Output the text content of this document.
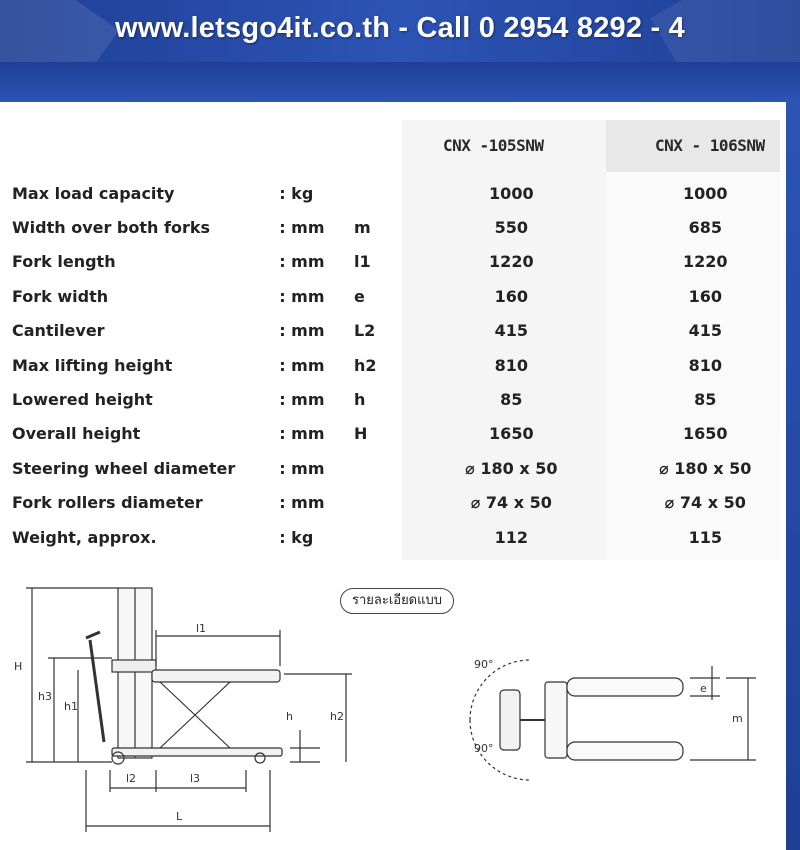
www.letsgo4it.co.th - Call 0 2954 8292 - 4
CNX -105SNW	CNX - 106SNW
Max load capacity	: kg		1000	1000
Width over both forks	: mm	m	550	685
Fork length	: mm	l1	1220	1220
Fork width	: mm	e	160	160
Cantilever	: mm	L2	415	415
Max lifting height	: mm	h2	810	810
Lowered height	: mm	h	85	85
Overall height	: mm	H	1650	1650
Steering wheel diameter	: mm		⌀ 180 x 50	⌀ 180 x 50
Fork rollers diameter	: mm		⌀ 74 x 50	⌀ 74 x 50
Weight, approx.	: kg		112	115
รายละเอียดแบบ
H
h3
h1
h	h2
l1
l2	l3
L
90°
90°
e
m
